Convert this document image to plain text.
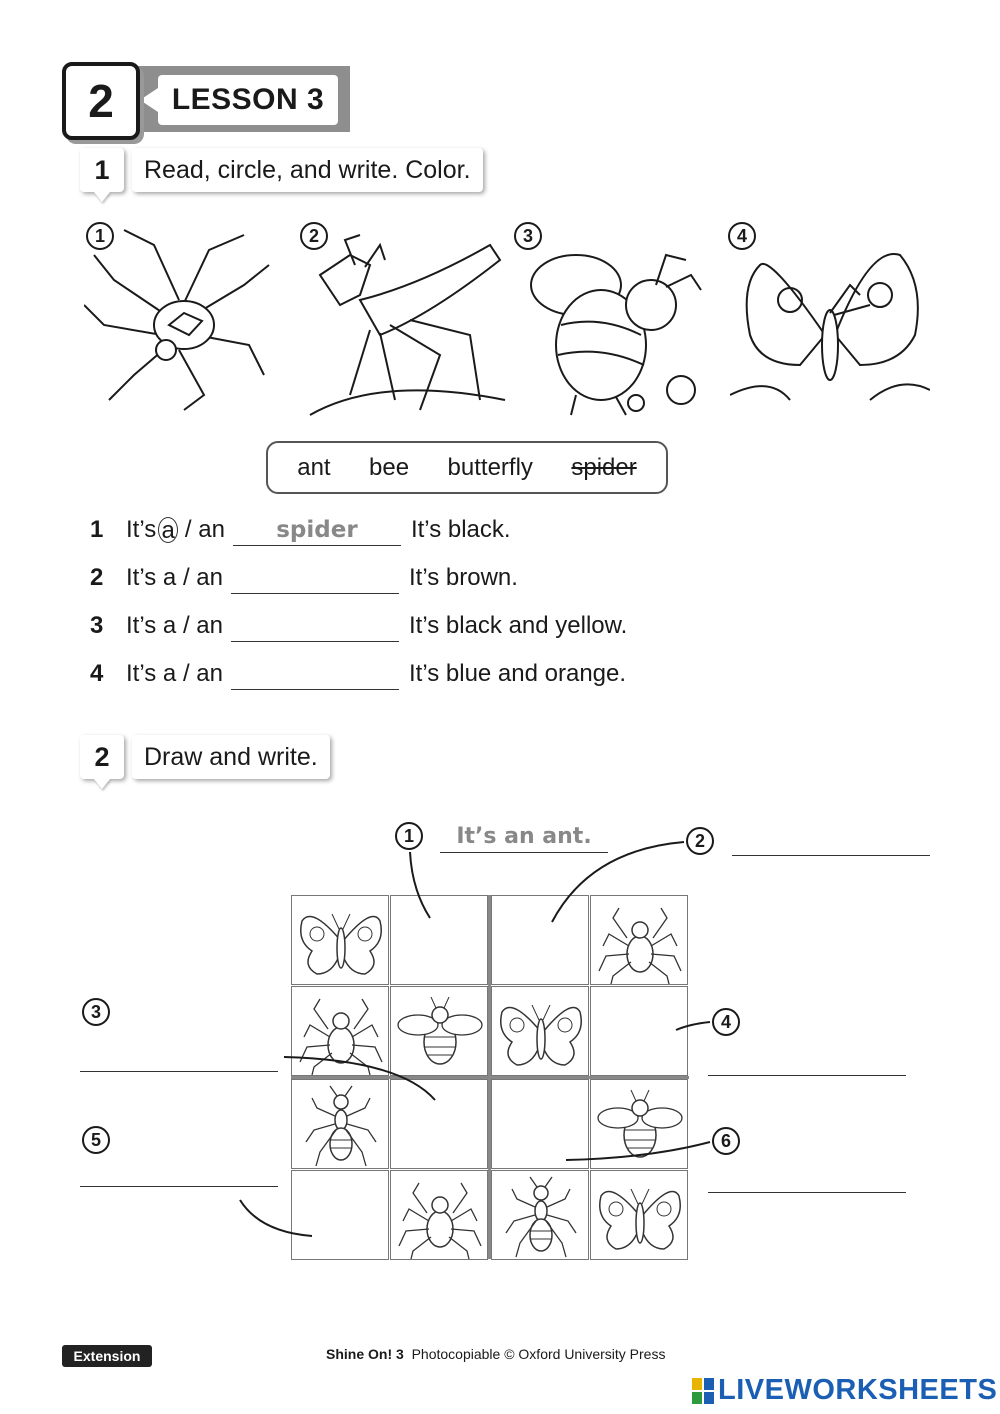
LESSON 3
2
1	Read, circle, and write. Color.
1	2	3	4
ant bee butterfly spider
1 It’s a
/
an	spider	It’s black.
2 It’s
a
/
an	It’s brown.
3 It’s
a
/
an	It’s black and yellow.
4 It’s
a
/
an	It’s blue and orange.
2	Draw and write.
1	2
3	4
5	6
It’s an ant.
Extension	Shine On! 3 Photocopiable © Oxford University Press
LIVEWORKSHEETS
